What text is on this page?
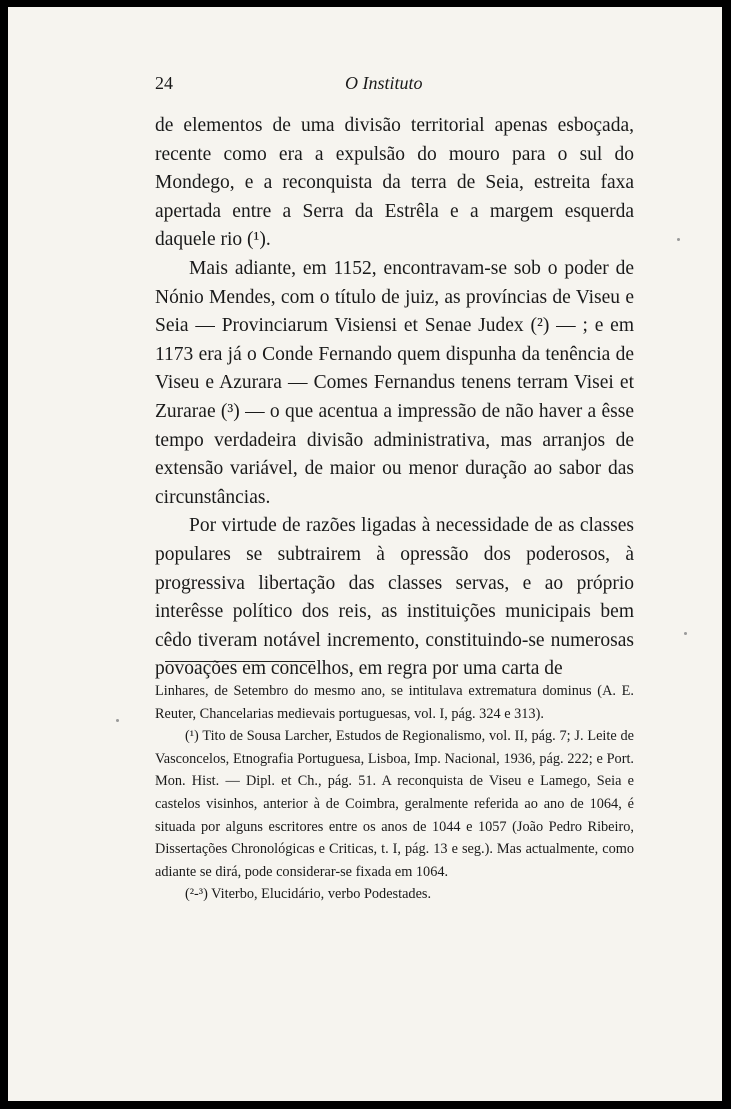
24	O Instituto

de elementos de uma divisão territorial apenas esboçada, recente como era a expulsão do mouro para o sul do Mondego, e a reconquista da terra de Seia, estreita faxa apertada entre a Serra da Estrêla e a margem esquerda daquele rio (¹).

Mais adiante, em 1152, encontravam-se sob o poder de Nónio Mendes, com o título de juiz, as províncias de Viseu e Seia — Provinciarum Visiensi et Senae Judex (²) — ; e em 1173 era já o Conde Fernando quem dispunha da tenência de Viseu e Azurara — Comes Fernandus tenens terram Visei et Zurarae (³) — o que acentua a impressão de não haver a êsse tempo verdadeira divisão administrativa, mas arranjos de extensão variável, de maior ou menor duração ao sabor das circunstâncias.

Por virtude de razões ligadas à necessidade de as classes populares se subtrairem à opressão dos poderosos, à progressiva libertação das classes servas, e ao próprio interêsse político dos reis, as instituições municipais bem cêdo tiveram notável incremento, constituindo-se numerosas povoações em concelhos, em regra por uma carta de

Linhares, de Setembro do mesmo ano, se intitulava extrematura dominus (A. E. Reuter, Chancelarias medievais portuguesas, vol. I, pág. 324 e 313).

(¹) Tito de Sousa Larcher, Estudos de Regionalismo, vol. II, pág. 7; J. Leite de Vasconcelos, Etnografia Portuguesa, Lisboa, Imp. Nacional, 1936, pág. 222; e Port. Mon. Hist. — Dipl. et Ch., pág. 51. A reconquista de Viseu e Lamego, Seia e castelos visinhos, anterior à de Coimbra, geralmente referida ao ano de 1064, é situada por alguns escritores entre os anos de 1044 e 1057 (João Pedro Ribeiro, Dissertações Chronológicas e Criticas, t. I, pág. 13 e seg.). Mas actualmente, como adiante se dirá, pode considerar-se fixada em 1064.

(²-³) Viterbo, Elucidário, verbo Podestades.
